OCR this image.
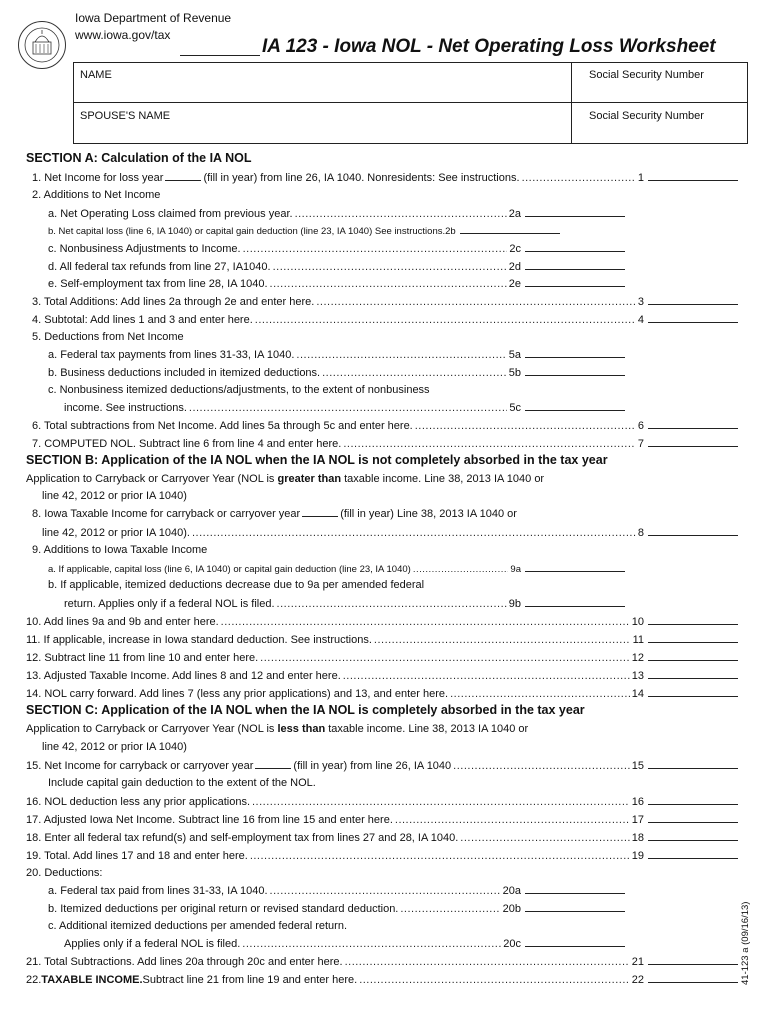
Iowa Department of Revenue
www.iowa.gov/tax
IA 123 - Iowa NOL - Net Operating Loss Worksheet
NAME	Social Security Number
SPOUSE'S NAME	Social Security Number
SECTION A: Calculation of the IA NOL
1. Net Income for loss year	(fill in year) from line 26, IA 1040. Nonresidents: See instructions. .....	1
2. Additions to Net Income
a. Net Operating Loss claimed from previous year. .....	2a
b. Net capital loss (line 6, IA 1040) or capital gain deduction (line 23, IA 1040) See instructions. 2b
c. Nonbusiness Adjustments to Income. .....	2c
d. All federal tax refunds from line 27, IA1040. .....	2d
e. Self-employment tax from line 28, IA 1040. .....	2e
3. Total Additions: Add lines 2a through 2e and enter here. .....	3
4. Subtotal: Add lines 1 and 3 and enter here. .....	4
5. Deductions from Net Income
a. Federal tax payments from lines 31-33, IA 1040. .....	5a
b. Business deductions included in itemized deductions. .....	5b
c. Nonbusiness itemized deductions/adjustments, to the extent of nonbusiness
income. See instructions. .....	5c
6. Total subtractions from Net Income. Add lines 5a through 5c and enter here. .....	6
7. COMPUTED NOL. Subtract line 6 from line 4 and enter here. .....	7
SECTION B: Application of the IA NOL when the IA NOL is not completely absorbed in the tax year
Application to Carryback or Carryover Year (NOL is greater than taxable income. Line 38, 2013 IA 1040 or
line 42, 2012 or prior IA 1040)
8. Iowa Taxable Income for carryback or carryover year	(fill in year) Line 38, 2013 IA 1040 or
line 42, 2012 or prior IA 1040). .....	8
9. Additions to Iowa Taxable Income
a. If applicable, capital loss (line 6, IA 1040) or capital gain deduction (line 23, IA 1040) .....	9a
b. If applicable, itemized deductions decrease due to 9a per amended federal
return. Applies only if a federal NOL is filed. .....	9b
10. Add lines 9a and 9b and enter here. .....	10
11. If applicable, increase in Iowa standard deduction. See instructions. .....	11
12. Subtract line 11 from line 10 and enter here. .....	12
13. Adjusted Taxable Income. Add lines 8 and 12 and enter here. .....	13
14. NOL carry forward. Add lines 7 (less any prior applications) and 13, and enter here. .....	14
SECTION C: Application of the IA NOL when the IA NOL is completely absorbed in the tax year
Application to Carryback or Carryover Year (NOL is less than taxable income. Line 38, 2013 IA 1040 or
line 42, 2012 or prior IA 1040)
15. Net Income for carryback or carryover year	(fill in year) from line 26, IA 1040 .....	15
Include capital gain deduction to the extent of the NOL.
16. NOL deduction less any prior applications. .....	16
17. Adjusted Iowa Net Income. Subtract line 16 from line 15 and enter here. .....	17
18. Enter all federal tax refund(s) and self-employment tax from lines 27 and 28, IA 1040. .....	18
19. Total. Add lines 17 and 18 and enter here. .....	19
20. Deductions:
a. Federal tax paid from lines 31-33, IA 1040. .....	20a
b. Itemized deductions per original return or revised standard deduction. .....	20b
c. Additional itemized deductions per amended federal return.
Applies only if a federal NOL is filed. .....	20c
21. Total Subtractions. Add lines 20a through 20c and enter here. .....	21
22. TAXABLE INCOME. Subtract line 21 from line 19 and enter here. .....	22	41-123 a (09/16/13)
